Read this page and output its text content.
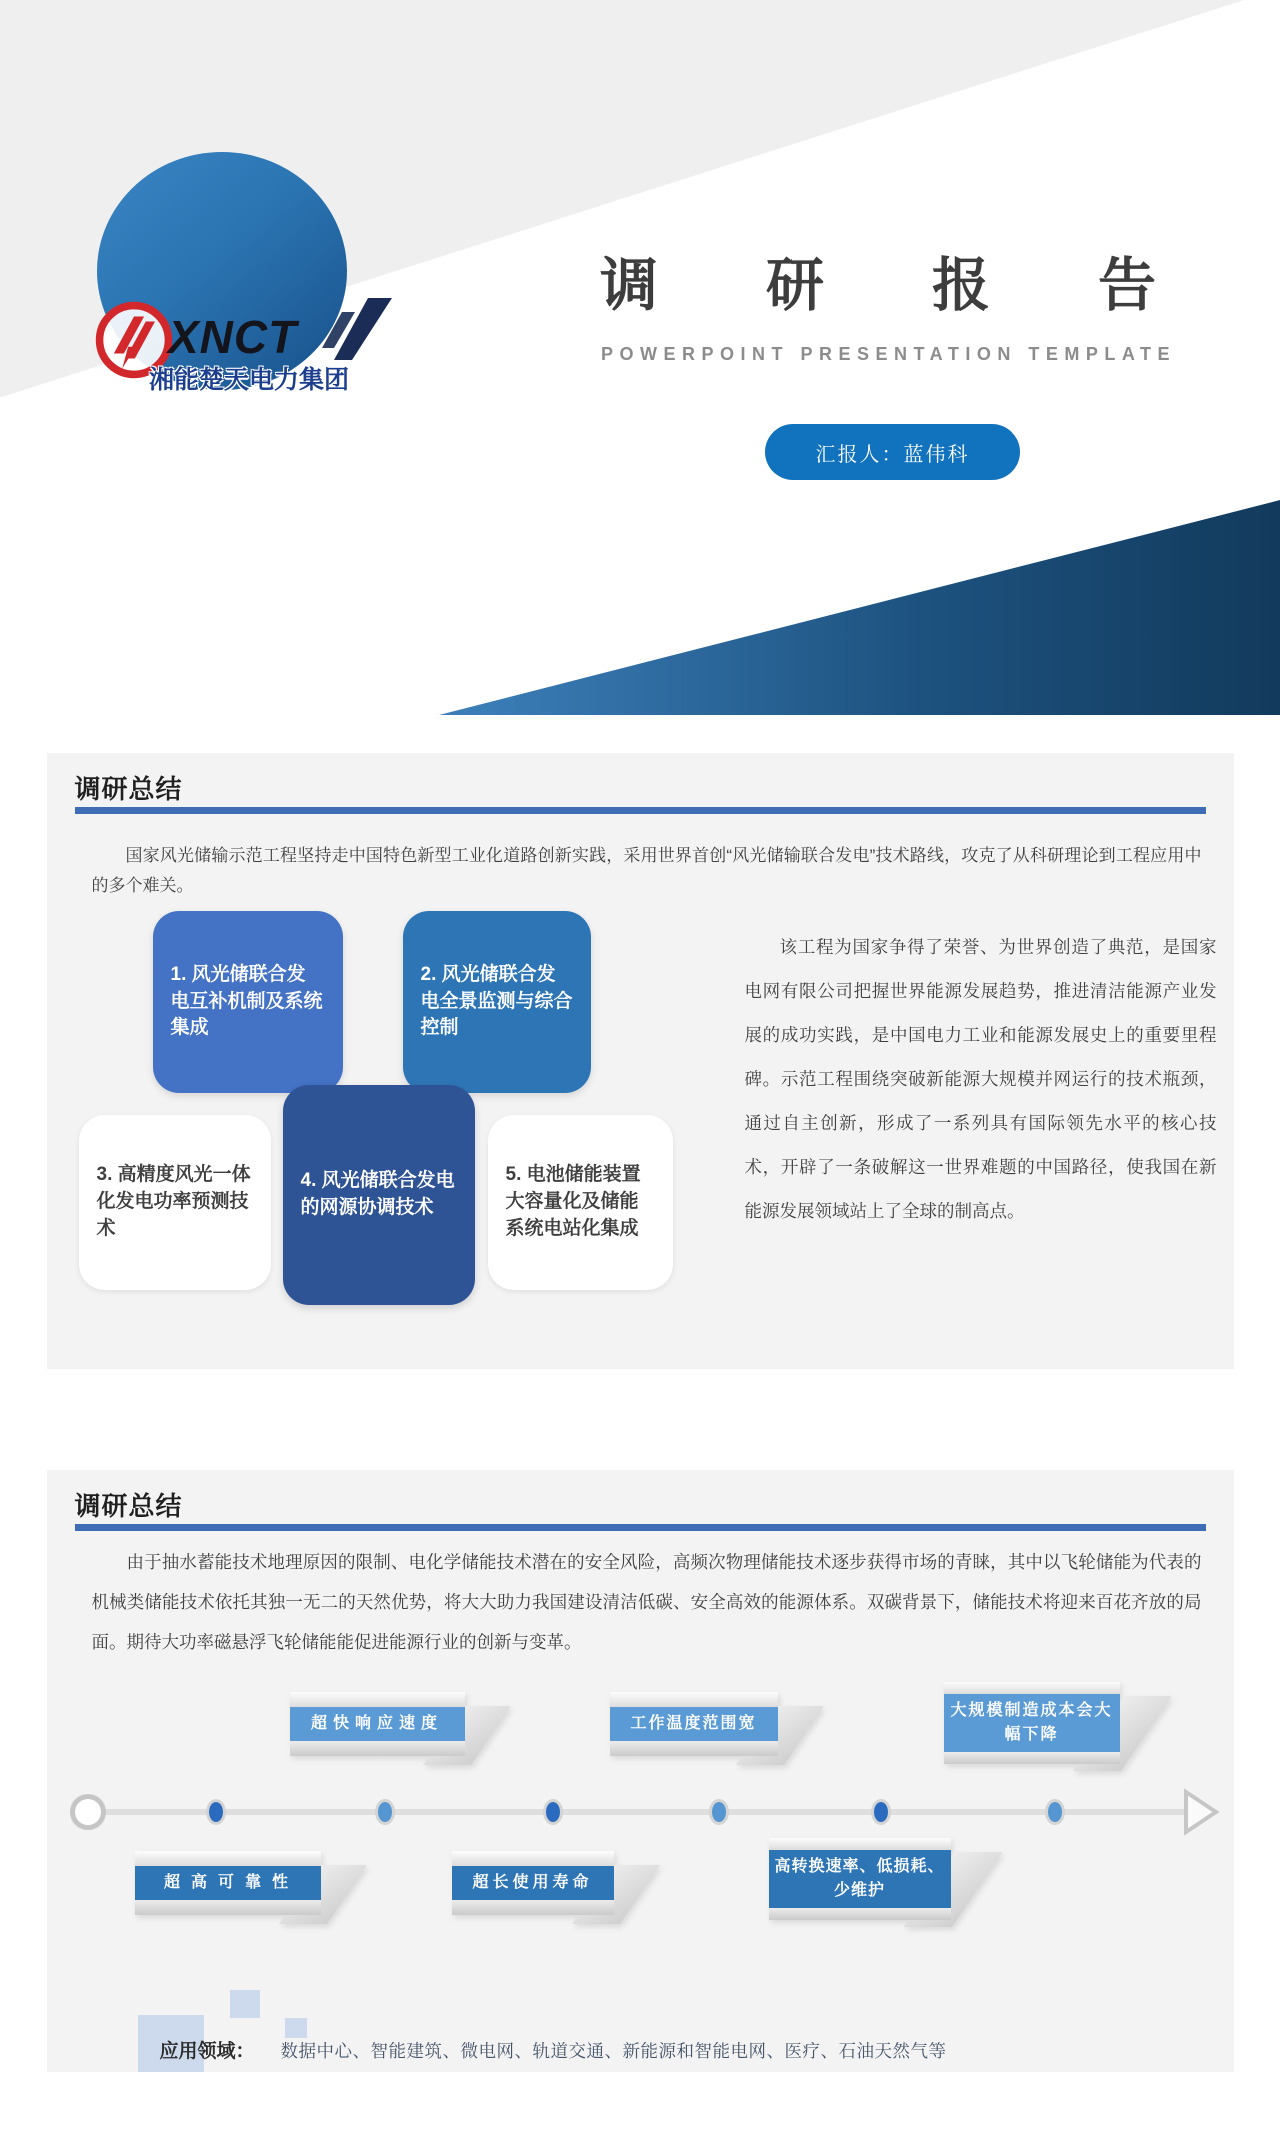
XNCT
湘能楚天电力集团
调研报告
POWERPOINT PRESENTATION TEMPLATE
汇报人：蓝伟科
调研总结

国家风光储输示范工程坚持走中国特色新型工业化道路创新实践，采用世界首创“风光储输联合发电”技术路线，攻克了从科研理论到工程应用中的多个难关。

1. 风光储联合发电互补机制及系统集成
2. 风光储联合发电全景监测与综合控制
3. 高精度风光一体化发电功率预测技术
4. 风光储联合发电的网源协调技术
5. 电池储能装置大容量化及储能系统电站化集成

该工程为国家争得了荣誉、为世界创造了典范，是国家电网有限公司把握世界能源发展趋势，推进清洁能源产业发展的成功实践，是中国电力工业和能源发展史上的重要里程碑。示范工程围绕突破新能源大规模并网运行的技术瓶颈，通过自主创新，形成了一系列具有国际领先水平的核心技术，开辟了一条破解这一世界难题的中国路径，使我国在新能源发展领域站上了全球的制高点。

调研总结

由于抽水蓄能技术地理原因的限制、电化学储能技术潜在的安全风险，高频次物理储能技术逐步获得市场的青睐，其中以飞轮储能为代表的机械类储能技术依托其独一无二的天然优势，将大大助力我国建设清洁低碳、安全高效的能源体系。双碳背景下，储能技术将迎来百花齐放的局面。期待大功率磁悬浮飞轮储能能促进能源行业的创新与变革。

超快响应速度	工作温度范围宽
大规模制造成本会大幅下降
超高可靠性	超长使用寿命
高转换速率、低损耗、少维护
应用领域： 数据中心、智能建筑、微电网、轨道交通、新能源和智能电网、医疗、石油天然气等
